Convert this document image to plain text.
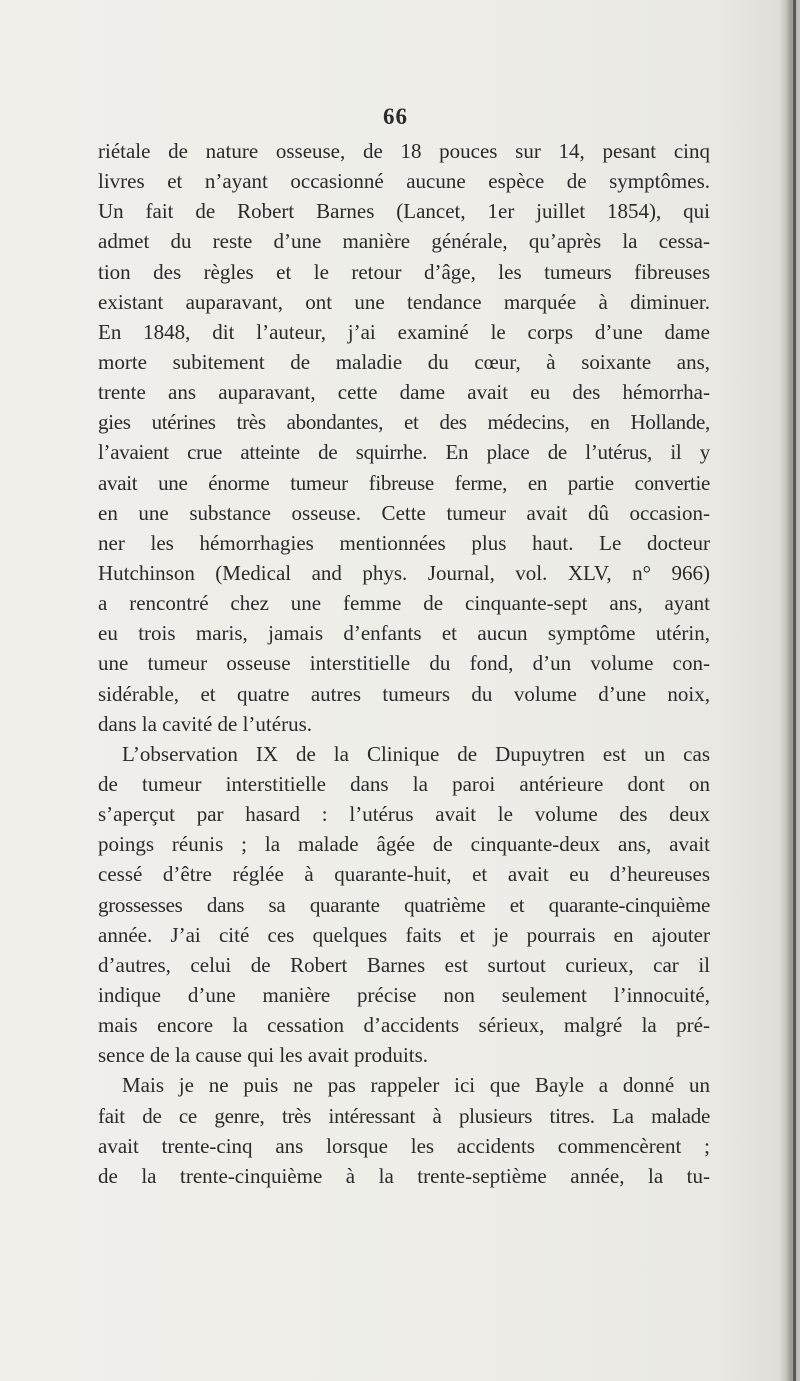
66
riétale de nature osseuse, de 18 pouces sur 14, pesant cinq
livres et n’ayant occasionné aucune espèce de symptômes.
Un fait de Robert Barnes (Lancet, 1er juillet 1854), qui
admet du reste d’une manière générale, qu’après la cessa-
tion des règles et le retour d’âge, les tumeurs fibreuses
existant auparavant, ont une tendance marquée à diminuer.
En 1848, dit l’auteur, j’ai examiné le corps d’une dame
morte subitement de maladie du cœur, à soixante ans,
trente ans auparavant, cette dame avait eu des hémorrha-
gies utérines très abondantes, et des médecins, en Hollande,
l’avaient crue atteinte de squirrhe. En place de l’utérus, il y
avait une énorme tumeur fibreuse ferme, en partie convertie
en une substance osseuse. Cette tumeur avait dû occasion-
ner les hémorrhagies mentionnées plus haut. Le docteur
Hutchinson (Medical and phys. Journal, vol. XLV, n° 966)
a rencontré chez une femme de cinquante-sept ans, ayant
eu trois maris, jamais d’enfants et aucun symptôme utérin,
une tumeur osseuse interstitielle du fond, d’un volume con-
sidérable, et quatre autres tumeurs du volume d’une noix,
dans la cavité de l’utérus.
L’observation IX de la Clinique de Dupuytren est un cas
de tumeur interstitielle dans la paroi antérieure dont on
s’aperçut par hasard : l’utérus avait le volume des deux
poings réunis ; la malade âgée de cinquante-deux ans, avait
cessé d’être réglée à quarante-huit, et avait eu d’heureuses
grossesses dans sa quarante quatrième et quarante-cinquième
année. J’ai cité ces quelques faits et je pourrais en ajouter
d’autres, celui de Robert Barnes est surtout curieux, car il
indique d’une manière précise non seulement l’innocuité,
mais encore la cessation d’accidents sérieux, malgré la pré-
sence de la cause qui les avait produits.
Mais je ne puis ne pas rappeler ici que Bayle a donné un
fait de ce genre, très intéressant à plusieurs titres. La malade
avait trente-cinq ans lorsque les accidents commencèrent ;
de la trente-cinquième à la trente-septième année, la tu-
